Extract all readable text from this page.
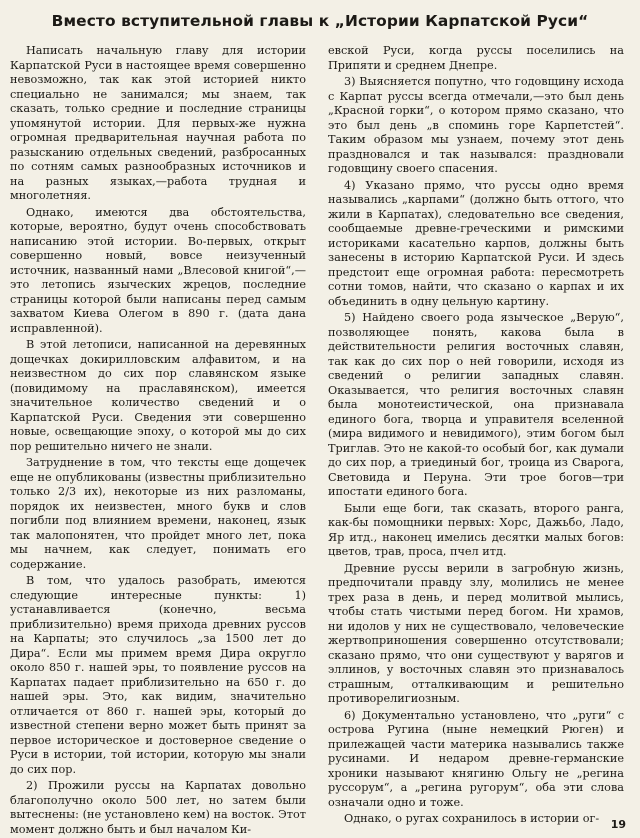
Вместо вступительной главы к „Истории Карпатской Руси“

Написать начальную главу для истории Карпатской Руси в настоящее время совершенно невозможно, так как этой историей никто специально не занимался; мы знаем, так сказать, только средние и последние страницы упомянутой истории. Для первых-же нужна огромная предварительная научная работа по разысканию отдельных сведений, разбросанных по сотням самых разнообразных источников и на разных языках,—работа трудная и многолетняя.

Однако, имеются два обстоятельства, которые, вероятно, будут очень способствовать написанию этой истории. Во-первых, открыт совершенно новый, вовсе неизученный источник, названный нами „Влесовой книгой“,—это летопись языческих жрецов, последние страницы которой были написаны перед самым захватом Киева Олегом в 890 г. (дата дана исправленной).

В этой летописи, написанной на деревянных дощечках докирилловским алфавитом, и на неизвестном до сих пор славянском языке (повидимому на праславянском), имеется значительное количество сведений и о Карпатской Руси. Сведения эти совершенно новые, освещающие эпоху, о которой мы до сих пор решительно ничего не знали.

Затруднение в том, что тексты еще дощечек еще не опубликованы (известны приблизительно только 2/3 их), некоторые из них разломаны, порядок их неизвестен, много букв и слов погибли под влиянием времени, наконец, язык так малопонятен, что пройдет много лет, пока мы начнем, как следует, понимать его содержание.

В том, что удалось разобрать, имеются следующие интересные пункты: 1) устанавливается (конечно, весьма приблизительно) время прихода древних руссов на Карпаты; это случилось „за 1500 лет до Дира“. Если мы примем время Дира округло около 850 г. нашей эры, то появление руссов на Карпатах падает приблизительно на 650 г. до нашей эры. Это, как видим, значительно отличается от 860 г. нашей эры, который до известной степени верно может быть принят за первое историческое и достоверное сведение о Руси в истории, той истории, которую мы знали до сих пор.

2) Прожили руссы на Карпатах довольно благополучно около 500 лет, но затем были вытеснены: (не установлено кем) на восток. Этот момент должно быть и был началом Ки-

евской Руси, когда руссы поселились на Припяти и среднем Днепре.

3) Выясняется попутно, что годовщину исхода с Карпат руссы всегда отмечали,—это был день „Красной горки“, о котором прямо сказано, что это был день „в споминь горе Карпетстей“. Таким образом мы узнаем, почему этот день праздновался и так назывался: праздновали годовщину своего спасения.

4) Указано прямо, что руссы одно время назывались „карпами“ (должно быть оттого, что жили в Карпатах), следовательно все сведения, сообщаемые древне-греческими и римскими историками касательно карпов, должны быть занесены в историю Карпатской Руси. И здесь предстоит еще огромная работа: пересмотреть сотни томов, найти, что сказано о карпах и их объединить в одну цельную картину.

5) Найдено своего рода языческое „Верую“, позволяющее понять, какова была в действительности религия восточных славян, так как до сих пор о ней говорили, исходя из сведений о религии западных славян. Оказывается, что религия восточных славян была монотеистической, она признавала единого бога, творца и управителя вселенной (мира видимого и невидимого), этим богом был Триглав. Это не какой-то особый бог, как думали до сих пор, а триединый бог, троица из Сварога, Световида и Перуна. Эти трое богов—три ипостати единого бога.

Были еще боги, так сказать, второго ранга, как-бы помощники первых: Хорс, Дажьбо, Ладо, Яр итд., наконец имелись десятки малых богов: цветов, трав, проса, пчел итд.

Древние руссы верили в загробную жизнь, предпочитали правду злу, молились не менее трех раза в день, и перед молитвой мылись, чтобы стать чистыми перед богом. Ни храмов, ни идолов у них не существовало, человеческие жертвоприношения совершенно отсутствовали; сказано прямо, что они существуют у варягов и эллинов, у восточных славян это признавалось страшным, отталкивающим и решительно противорелигиозным.

6) Документально установлено, что „руги“ с острова Ругина (ныне немецкий Рюген) и прилежащей части материка назывались также русинами. И недаром древне-германские хроники называют княгиню Ольгу не „регина руссорум“, а „регина ругорум“, оба эти слова означали одно и тоже.

Однако, о ругах сохранилось в истории ог-	19
